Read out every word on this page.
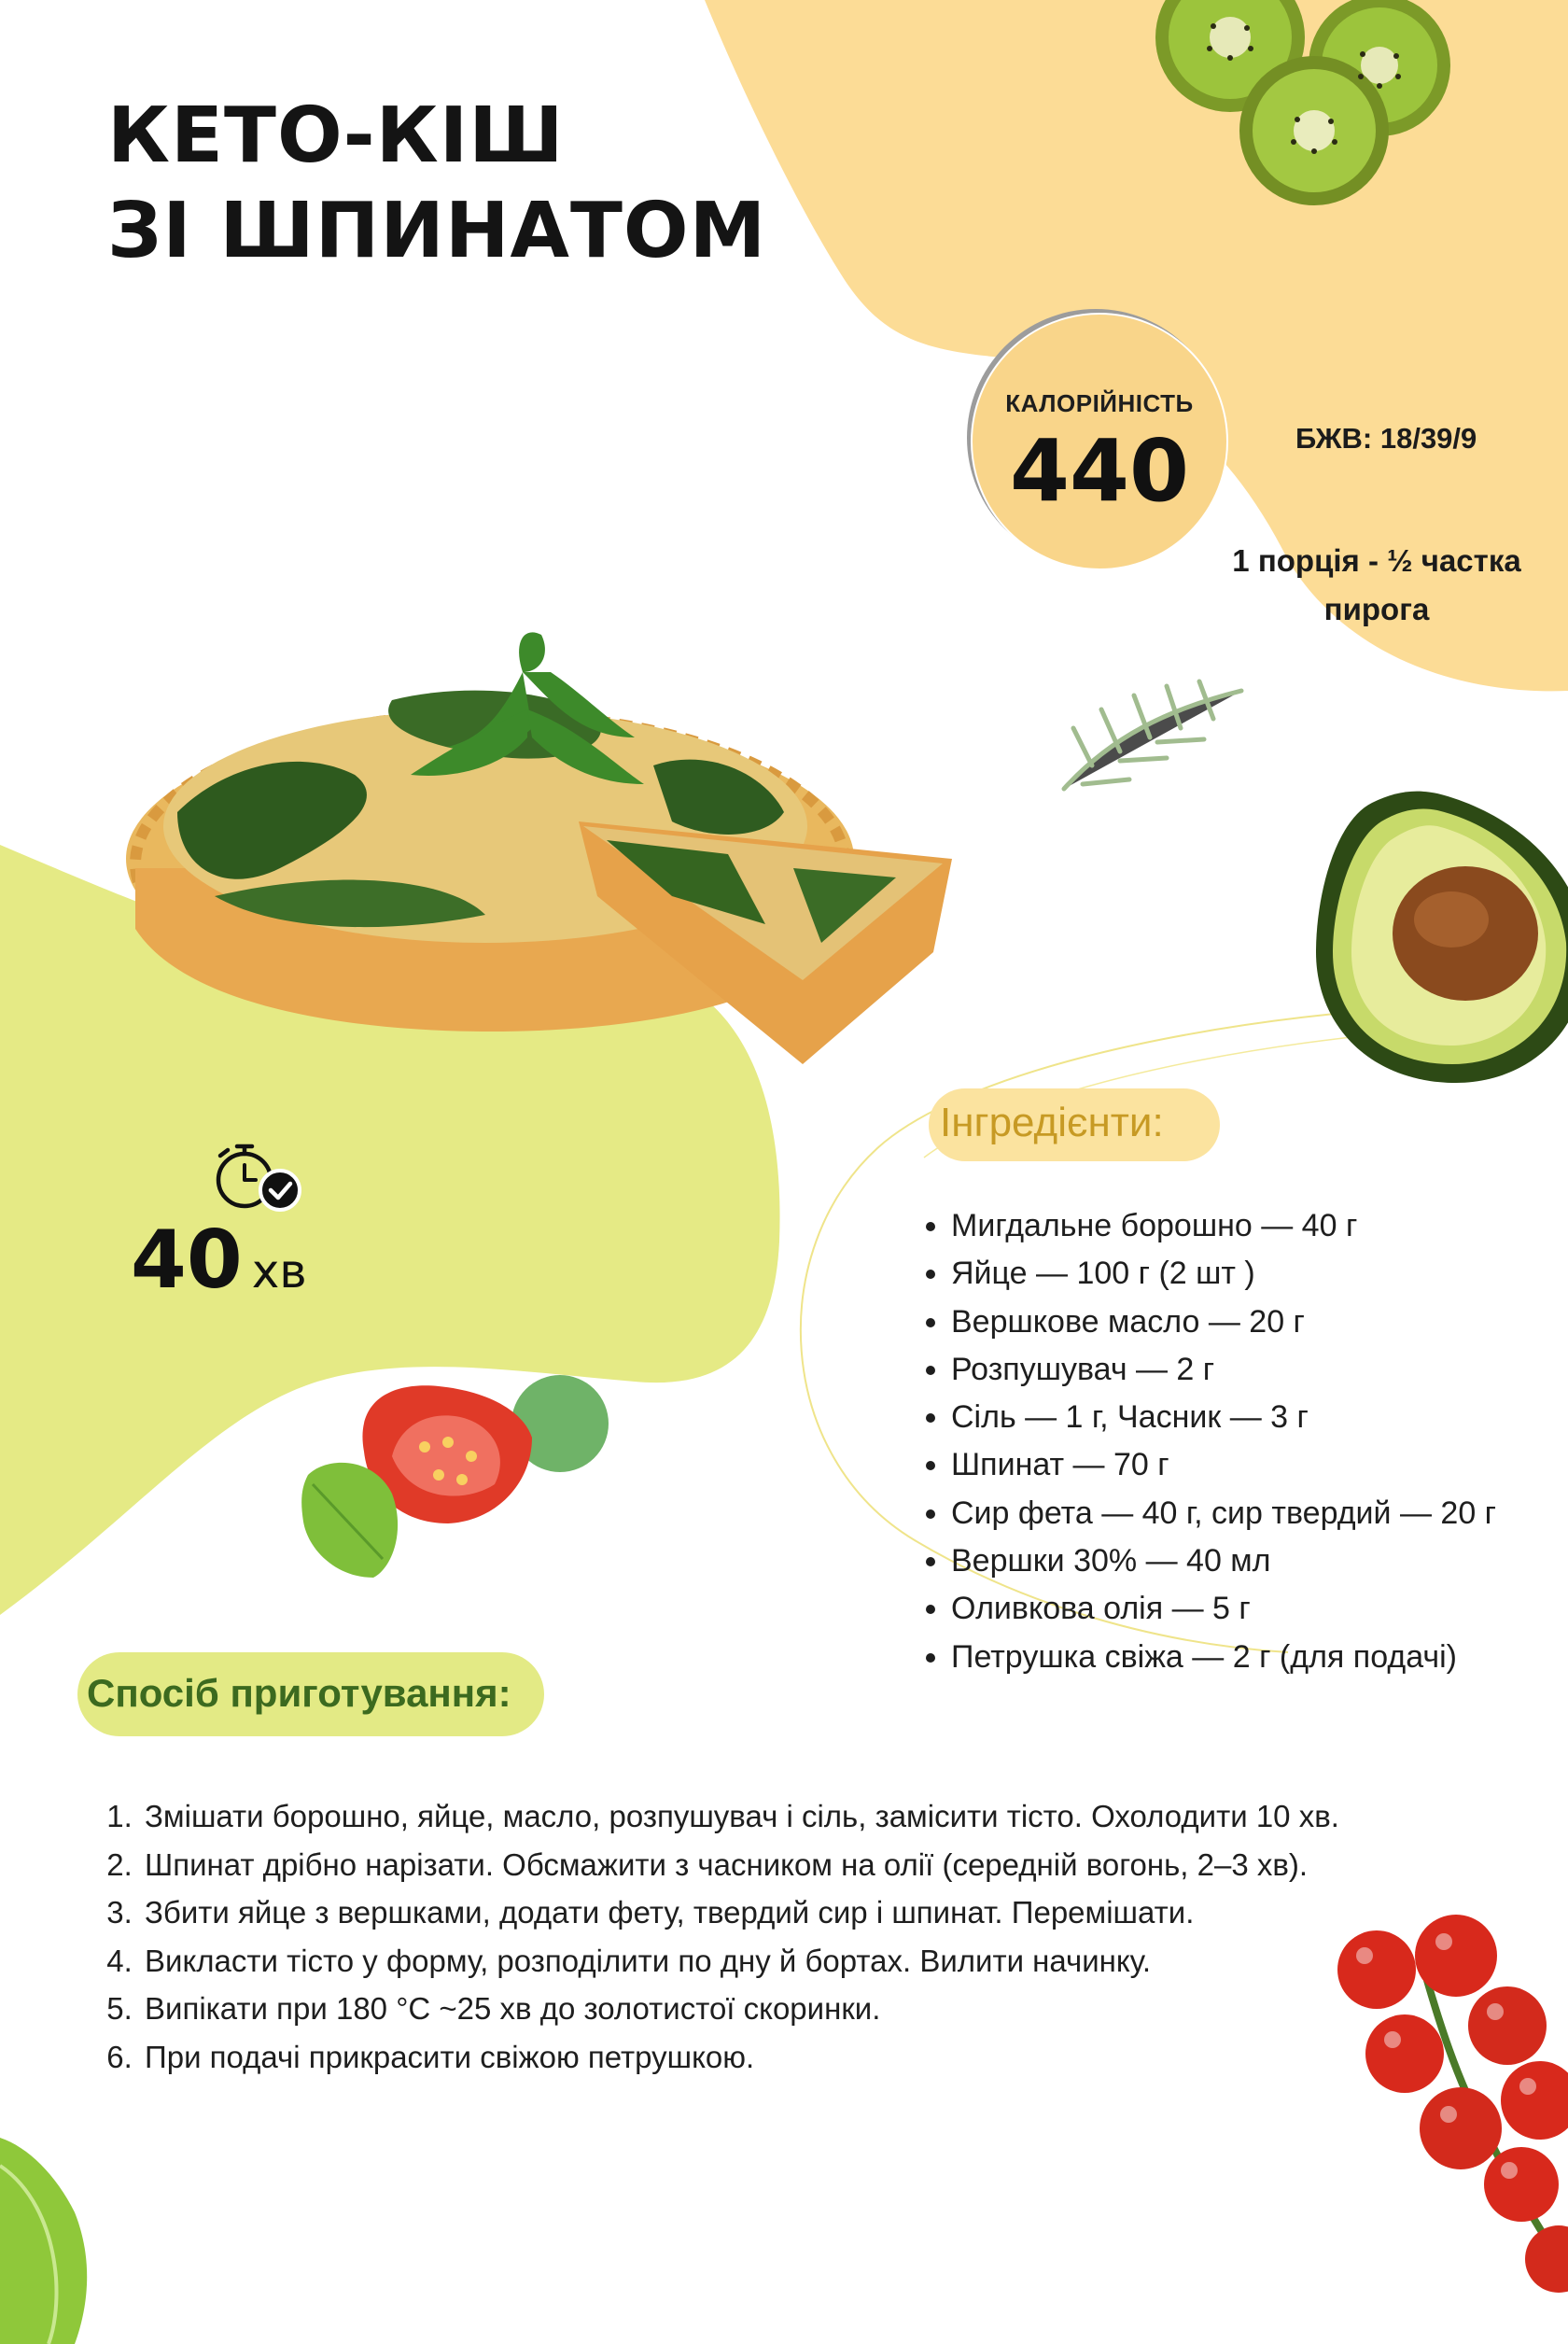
КЕТО-КІШ
ЗІ ШПИНАТОМ
КАЛОРІЙНІСТЬ
440	БЖВ: 18/39/9
1 порція - ½ частка
пирога
40 хв
Інгредієнти:
• Мигдальне борошно — 40 г
• Яйце — 100 г (2 шт )
• Вершкове масло — 20 г
• Розпушувач — 2 г
• Сіль — 1 г, Часник — 3 г
• Шпинат — 70 г
• Сир фета — 40 г, сир твердий — 20 г
• Вершки 30% — 40 мл
• Оливкова олія — 5 г
• Петрушка свіжа — 2 г (для подачі)
Спосіб приготування:
1. Змішати борошно, яйце, масло, розпушувач і сіль, замісити тісто. Охолодити 10 хв.
2. Шпинат дрібно нарізати. Обсмажити з часником на олії (середній вогонь, 2–3 хв).
3. Збити яйце з вершками, додати фету, твердий сир і шпинат. Перемішати.
4. Викласти тісто у форму, розподілити по дну й бортах. Вилити начинку.
5. Випікати при 180 °C ~25 хв до золотистої скоринки.
6. При подачі прикрасити свіжою петрушкою.
